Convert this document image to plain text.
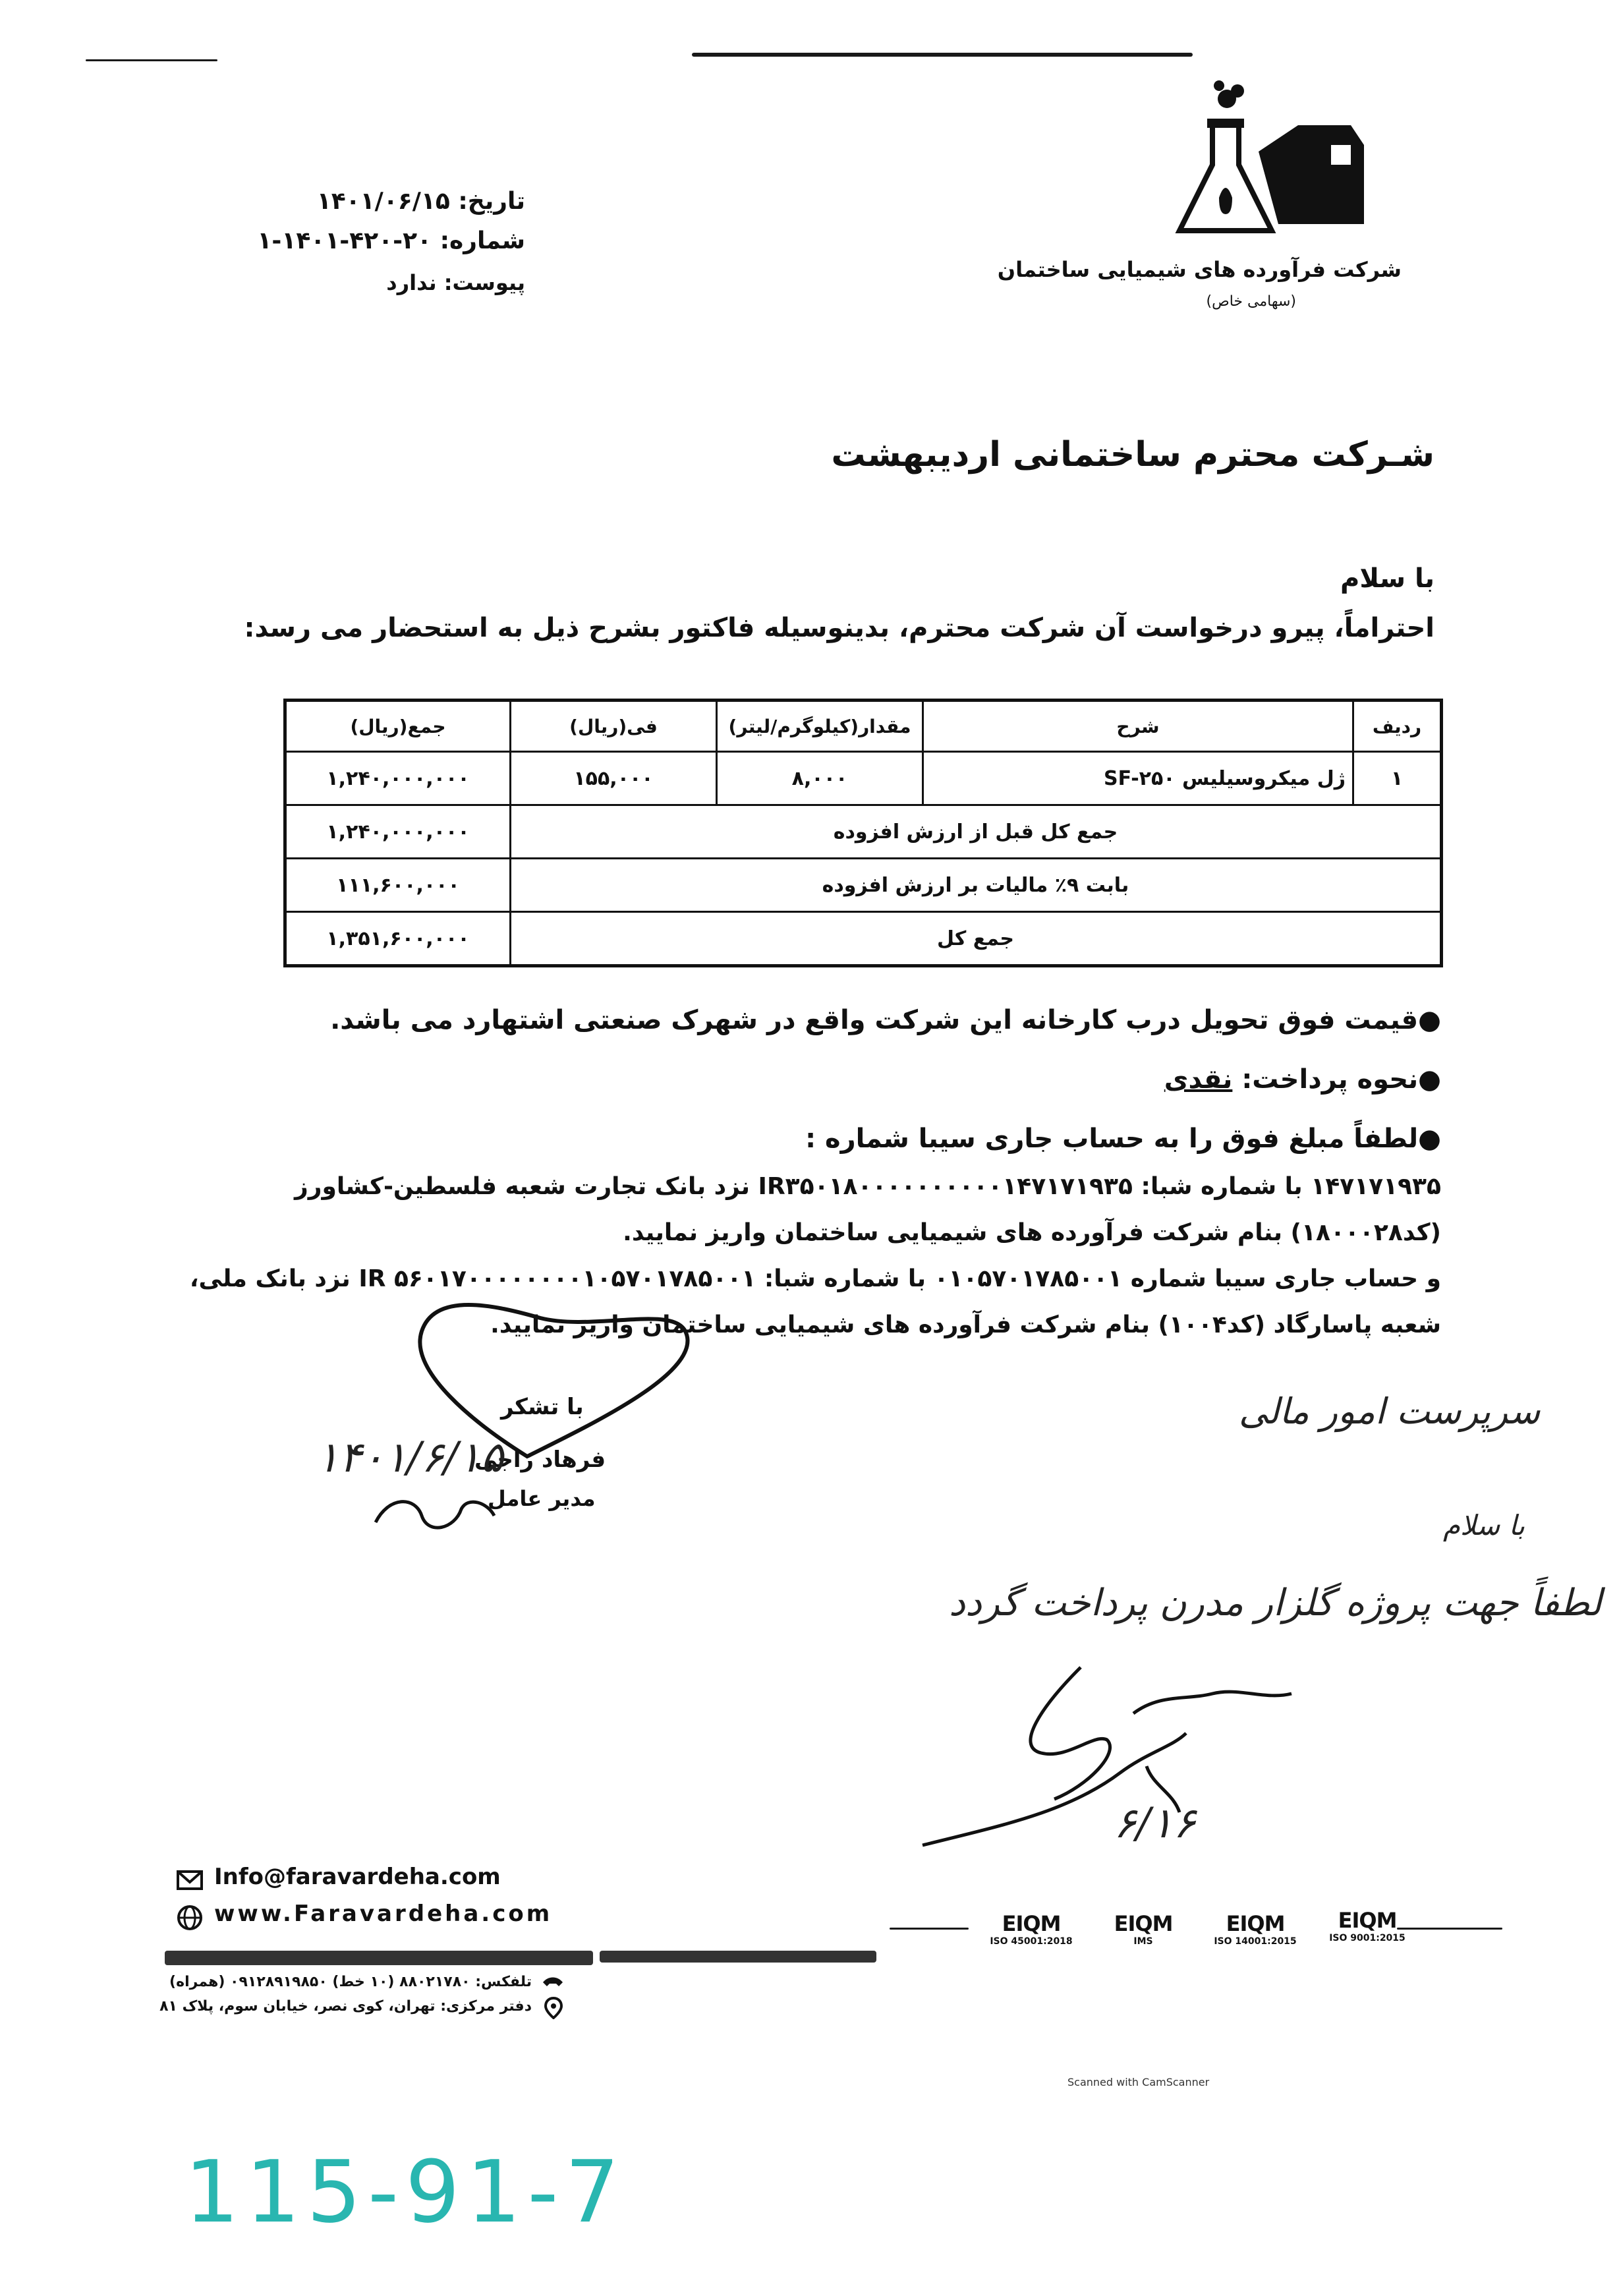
تاریخ: ۱۴۰۱/۰۶/۱۵
شماره: ۲۰-۴۲۰-۱۴۰۱-۱
پیوست: ندارد
شرکت فرآورده های شیمیایی ساختمان
(سهامی خاص)
شـرکت محترم ساختمانی اردیبهشت
با سلام
احتراماً، پیرو درخواست آن شرکت محترم، بدینوسیله فاکتور بشرح ذیل به استحضار می رسد:
ردیف	شرح	مقدار(کیلوگرم/لیتر)	فی(ریال)	جمع(ریال)
۱	ژل میکروسیلیس SF-۲۵۰	۸,۰۰۰	۱۵۵,۰۰۰	۱,۲۴۰,۰۰۰,۰۰۰
جمع کل قبل از ارزش افزوده				۱,۲۴۰,۰۰۰,۰۰۰
بابت ۹٪ مالیات بر ارزش افزوده				۱۱۱,۶۰۰,۰۰۰
جمع کل				۱,۳۵۱,۶۰۰,۰۰۰
●قیمت فوق تحویل درب کارخانه این شرکت واقع در شهرک صنعتی اشتهارد می باشد.
●نحوه پرداخت: نقدی
●لطفاً مبلغ فوق را به حساب جاری سیبا شماره :
۱۴۷۱۷۱۹۳۵ با شماره شبا: IR۳۵۰۱۸۰۰۰۰۰۰۰۰۰۰۱۴۷۱۷۱۹۳۵ نزد بانک تجارت شعبه فلسطین-کشاورز
(کد۱۸۰۰۰۲۸) بنام شرکت فرآورده های شیمیایی ساختمان واریز نمایید.
و حساب جاری سیبا شماره ۰۱۰۵۷۰۱۷۸۵۰۰۱ با شماره شبا: IR ۵۶۰۱۷۰۰۰۰۰۰۰۰۱۰۵۷۰۱۷۸۵۰۰۱ نزد بانک ملی،
شعبه پاسارگاد (کد۱۰۰۴) بنام شرکت فرآورده های شیمیایی ساختمان واریز نمایید.
با تشکر
فرهاد راجی
مدیر عامل
۱۴۰۱/۶/۱۵
سرپرست امور مالی
با سلام
لطفاً جهت پروژه گلزار مدرن پرداخت گردد
۶/۱۶
Info@faravardeha.com
www.Faravardeha.com
تلفکس: ۸۸۰۲۱۷۸۰ (۱۰ خط) ۰۹۱۲۸۹۱۹۸۵۰ (همراه)
دفتر مرکزی: تهران، کوی نصر، خیابان سوم، پلاک ۸۱
EIQM
ISO 45001:2018
EIQM
IMS
EIQM
ISO 14001:2015
EIQM
ISO 9001:2015
Scanned with CamScanner
115-91-7
